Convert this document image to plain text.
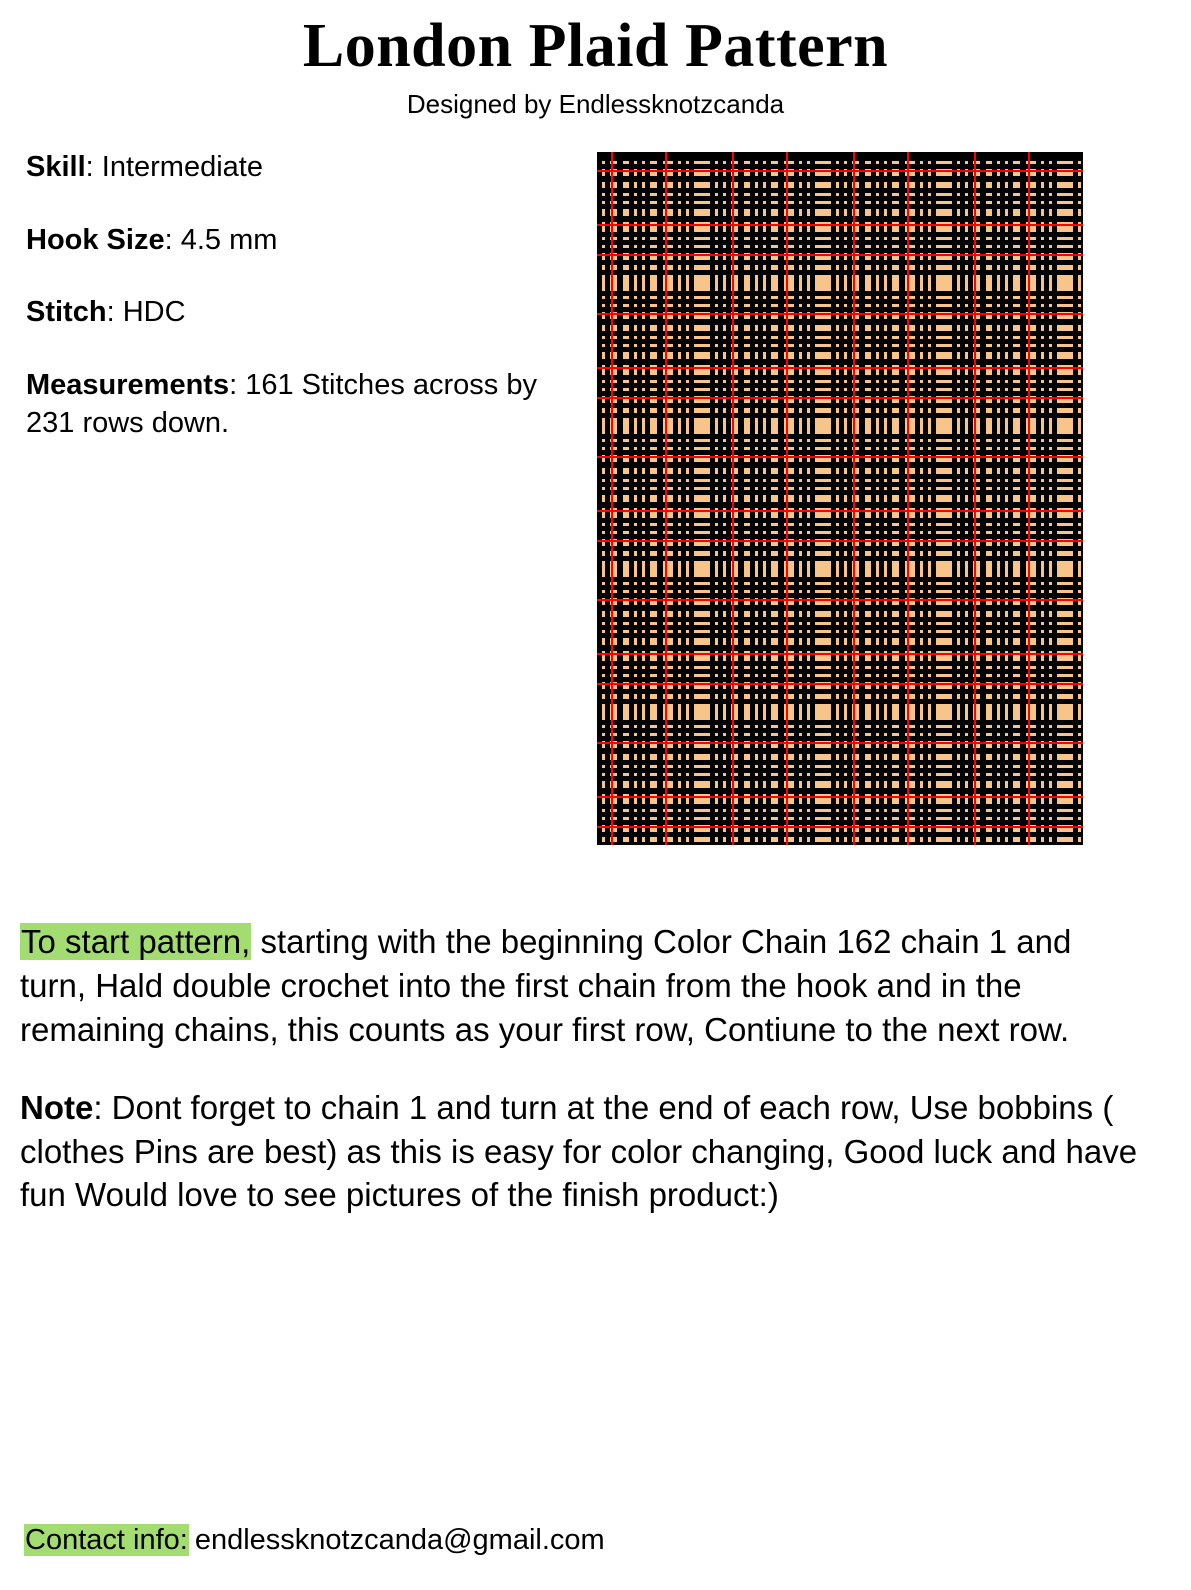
London Plaid Pattern
Designed by Endlessknotzcanda
Skill: Intermediate
Hook Size: 4.5 mm
Stitch: HDC
Measurements: 161 Stitches across by 231 rows down.

To start pattern, starting with the beginning Color Chain 162 chain 1 and turn, Hald double crochet into the first chain from the hook and in the remaining chains, this counts as your first row, Contiune to the next row.

Note: Dont forget to chain 1 and turn at the end of each row, Use bobbins ( clothes Pins are best) as this is easy for color changing, Good luck and have fun Would love to see pictures of the finish product:)

Contact info: endlessknotzcanda@gmail.com
